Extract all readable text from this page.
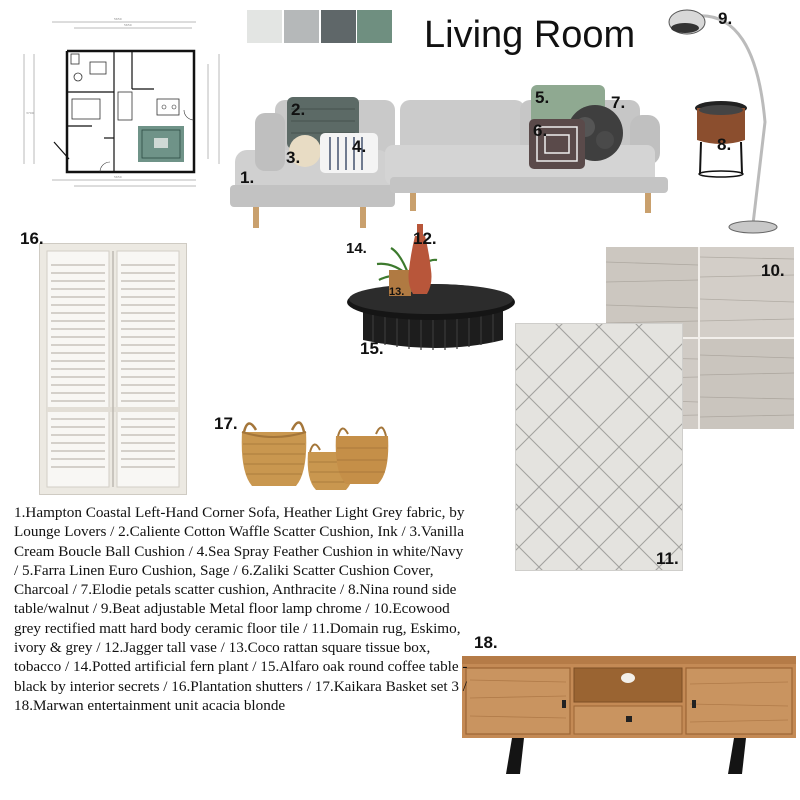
Living Room
5650
5650
5650
3700
1.
2.
3.
4.
5.
6.
7.
8.
9.
10.
11.
12.
13.
14.
15.
16.
17.
18.
1.Hampton Coastal Left-Hand Corner Sofa, Heather Light Grey fabric, by Lounge Lovers / 2.Caliente Cotton Waffle Scatter Cushion, Ink / 3.Vanilla Cream Boucle Ball Cushion / 4.Sea Spray Feather Cushion in white/Navy / 5.Farra Linen Euro Cushion, Sage / 6.Zaliki Scatter Cushion Cover, Charcoal / 7.Elodie petals scatter cushion, Anthracite / 8.Nina round side table/walnut / 9.Beat adjustable Metal floor lamp chrome / 10.Ecowood grey rectified matt hard body ceramic floor tile / 11.Domain rug, Eskimo, ivory & grey / 12.Jagger tall vase / 13.Coco rattan square tissue box, tobacco / 14.Potted artificial fern plant / 15.Alfaro oak round coffee table - black by interior secrets / 16.Plantation shutters / 17.Kaikara Basket set 3 / 18.Marwan entertainment unit acacia blonde
